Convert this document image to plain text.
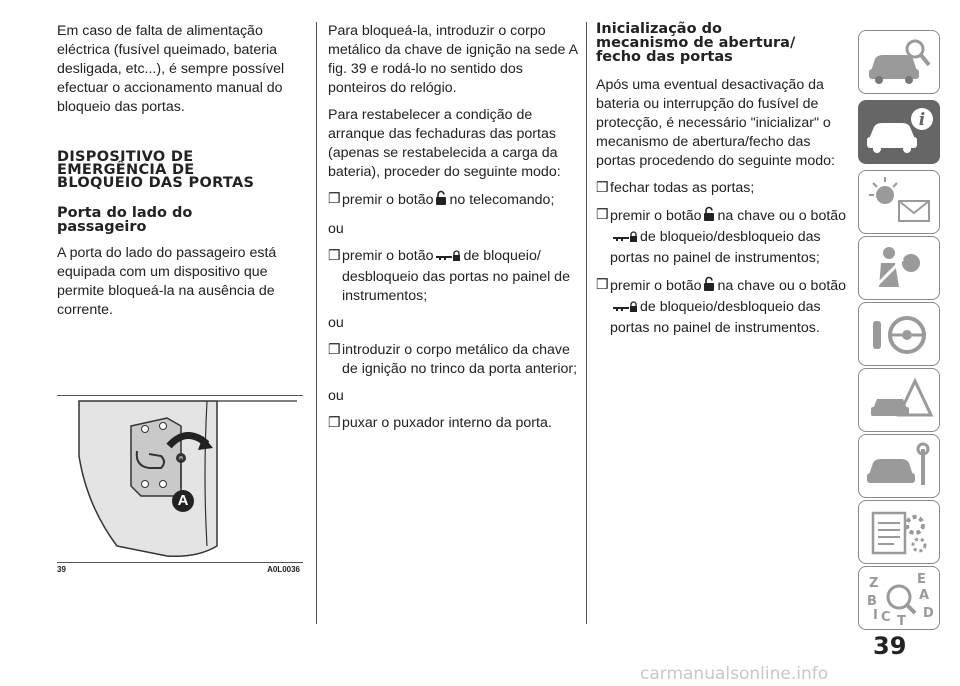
Em caso de falta de alimentação eléctrica (fusível queimado, bateria desligada, etc...), é sempre possível efectuar o accionamento manual do bloqueio das portas.

DISPOSITIVO DE
EMERGÊNCIA DE
BLOQUEIO DAS PORTAS
Porta do lado do
passageiro

A porta do lado do passageiro está equipada com um dispositivo que permite bloqueá-la na ausência de corrente.

A
39	A0L0036

Para bloqueá-la, introduzir o corpo metálico da chave de ignição na sede A fig. 39 e rodá-lo no sentido dos ponteiros do relógio.

Para restabelecer a condição de arranque das fechaduras das portas (apenas se restabelecida a carga da bateria), proceder do seguinte modo:

❒ premir o botão no telecomando;

ou

❒ premir o botão de bloqueio/ desbloqueio das portas no painel de instrumentos;

ou

❒ introduzir o corpo metálico da chave de ignição no trinco da porta anterior;

ou

❒ puxar o puxador interno da porta.
Inicialização do
mecanismo de abertura/
fecho das portas

Após uma eventual desactivação da bateria ou interrupção do fusível de protecção, é necessário "inicializar" o mecanismo de abertura/fecho das portas procedendo do seguinte modo:

❒ fechar todas as portas;
❒ premir o botão na chave ou o botãode bloqueio/desbloqueio das portas no painel de instrumentos;
❒ premir o botão na chave ou o botãode bloqueio/desbloqueio das portas no painel de instrumentos.
i
Z	E
A
B
C T
D
I
39
carmanualsonline.info
